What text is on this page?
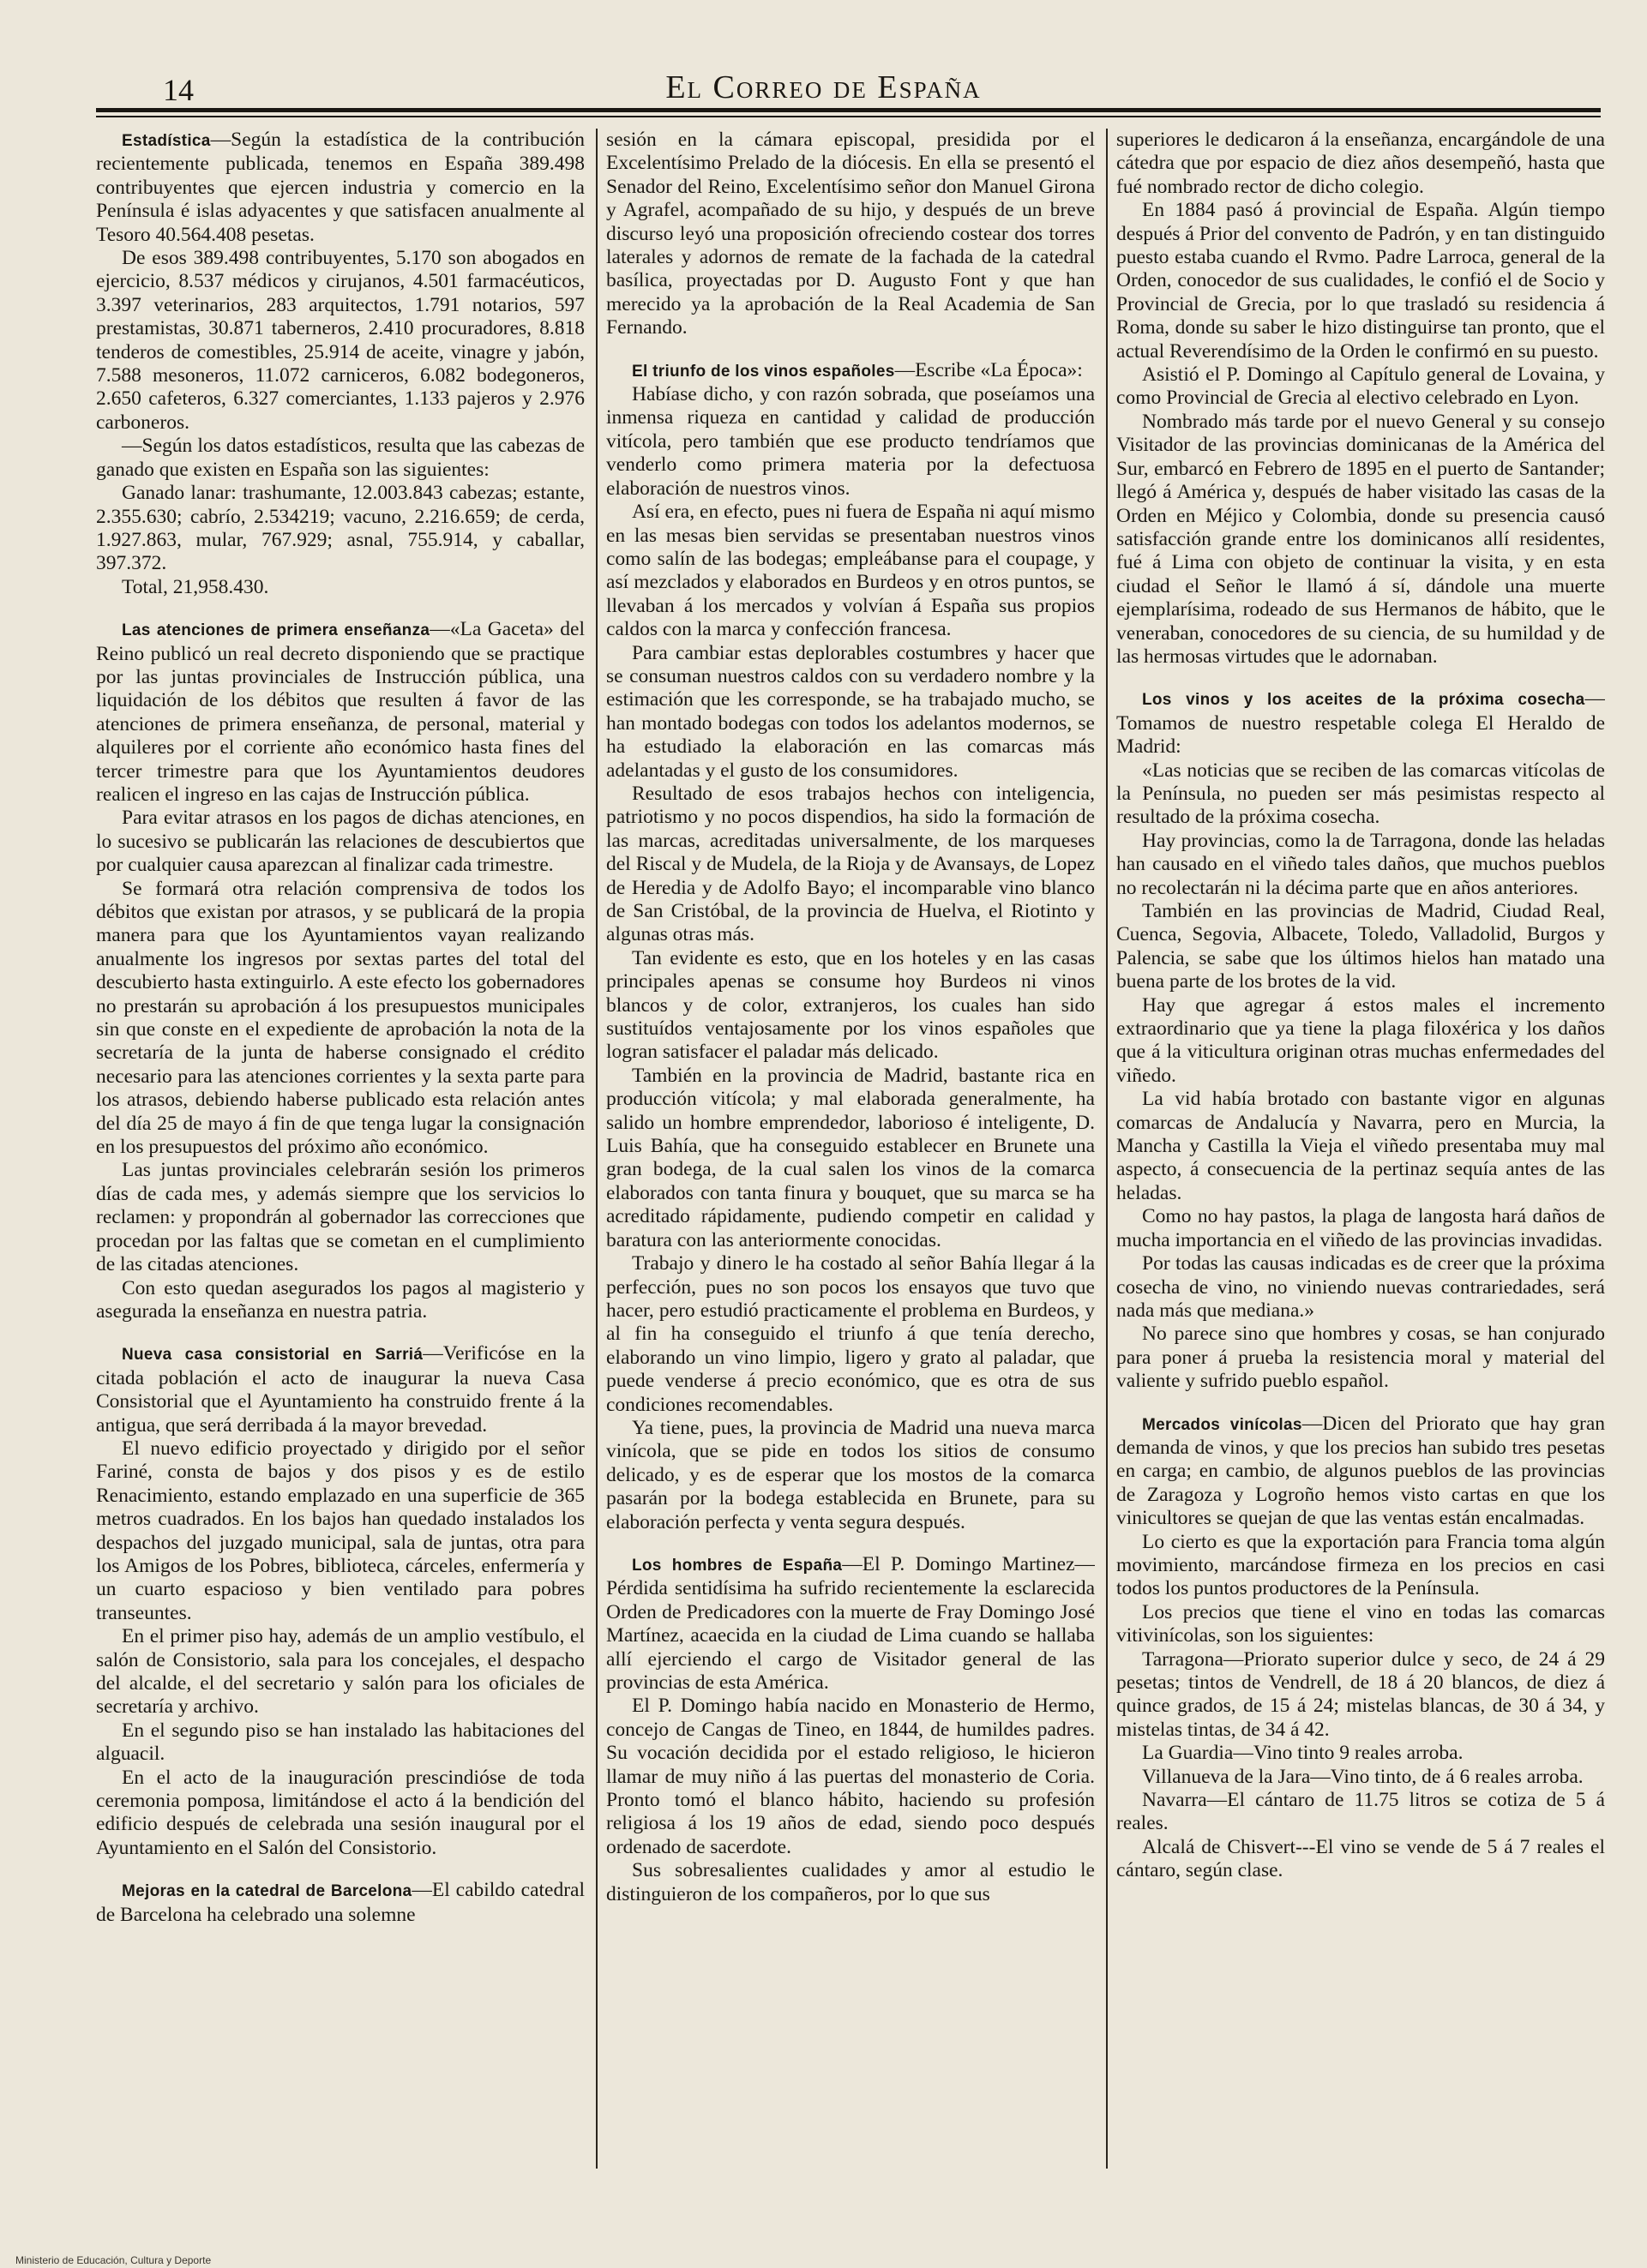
14	El Correo de España

Estadística—Según la estadística de la contribución recientemente publicada, tenemos en España 389.498 contribuyentes que ejercen industria y comercio en la Península é islas adyacentes y que satisfacen anualmente al Tesoro 40.564.408 pesetas.

De esos 389.498 contribuyentes, 5.170 son abogados en ejercicio, 8.537 médicos y cirujanos, 4.501 farmacéuticos, 3.397 veterinarios, 283 arquitectos, 1.791 notarios, 597 prestamistas, 30.871 taberneros, 2.410 procuradores, 8.818 tenderos de comestibles, 25.914 de aceite, vinagre y jabón, 7.588 mesoneros, 11.072 carniceros, 6.082 bodegoneros, 2.650 cafeteros, 6.327 comerciantes, 1.133 pajeros y 2.976 carboneros.

—Según los datos estadísticos, resulta que las cabezas de ganado que existen en España son las siguientes:

Ganado lanar: trashumante, 12.003.843 cabezas; estante, 2.355.630; cabrío, 2.534219; vacuno, 2.216.659; de cerda, 1.927.863, mular, 767.929; asnal, 755.914, y caballar, 397.372.

Total, 21,958.430.

Las atenciones de primera enseñanza—«La Gaceta» del Reino publicó un real decreto disponiendo que se practique por las juntas provinciales de Instrucción pública, una liquidación de los débitos que resulten á favor de las atenciones de primera enseñanza, de personal, material y alquileres por el corriente año económico hasta fines del tercer trimestre para que los Ayuntamientos deudores realicen el ingreso en las cajas de Instrucción pública.

Para evitar atrasos en los pagos de dichas atenciones, en lo sucesivo se publicarán las relaciones de descubiertos que por cualquier causa aparezcan al finalizar cada trimestre.

Se formará otra relación comprensiva de todos los débitos que existan por atrasos, y se publicará de la propia manera para que los Ayuntamientos vayan realizando anualmente los ingresos por sextas partes del total del descubierto hasta extinguirlo. A este efecto los gobernadores no prestarán su aprobación á los presupuestos municipales sin que conste en el expediente de aprobación la nota de la secretaría de la junta de haberse consignado el crédito necesario para las atenciones corrientes y la sexta parte para los atrasos, debiendo haberse publicado esta relación antes del día 25 de mayo á fin de que tenga lugar la consignación en los presupuestos del próximo año económico.

Las juntas provinciales celebrarán sesión los primeros días de cada mes, y además siempre que los servicios lo reclamen: y propondrán al gobernador las correcciones que procedan por las faltas que se cometan en el cumplimiento de las citadas atenciones.

Con esto quedan asegurados los pagos al magisterio y asegurada la enseñanza en nuestra patria.

Nueva casa consistorial en Sarriá—Verificóse en la citada población el acto de inaugurar la nueva Casa Consistorial que el Ayuntamiento ha construido frente á la antigua, que será derribada á la mayor brevedad.

El nuevo edificio proyectado y dirigido por el señor Fariné, consta de bajos y dos pisos y es de estilo Renacimiento, estando emplazado en una superficie de 365 metros cuadrados. En los bajos han quedado instalados los despachos del juzgado municipal, sala de juntas, otra para los Amigos de los Pobres, biblioteca, cárceles, enfermería y un cuarto espacioso y bien ventilado para pobres transeuntes.

En el primer piso hay, además de un amplio vestíbulo, el salón de Consistorio, sala para los concejales, el despacho del alcalde, el del secretario y salón para los oficiales de secretaría y archivo.

En el segundo piso se han instalado las habitaciones del alguacil.

En el acto de la inauguración prescindióse de toda ceremonia pomposa, limitándose el acto á la bendición del edificio después de celebrada una sesión inaugural por el Ayuntamiento en el Salón del Consistorio.

Mejoras en la catedral de Barcelona—El cabildo catedral de Barcelona ha celebrado una solemne

sesión en la cámara episcopal, presidida por el Excelentísimo Prelado de la diócesis. En ella se presentó el Senador del Reino, Excelentísimo señor don Manuel Girona y Agrafel, acompañado de su hijo, y después de un breve discurso leyó una proposición ofreciendo costear dos torres laterales y adornos de remate de la fachada de la catedral basílica, proyectadas por D. Augusto Font y que han merecido ya la aprobación de la Real Academia de San Fernando.

El triunfo de los vinos españoles—Escribe «La Época»:

Habíase dicho, y con razón sobrada, que poseíamos una inmensa riqueza en cantidad y calidad de producción vitícola, pero también que ese producto tendríamos que venderlo como primera materia por la defectuosa elaboración de nuestros vinos.

Así era, en efecto, pues ni fuera de España ni aquí mismo en las mesas bien servidas se presentaban nuestros vinos como salín de las bodegas; empleábanse para el coupage, y así mezclados y elaborados en Burdeos y en otros puntos, se llevaban á los mercados y volvían á España sus propios caldos con la marca y confección francesa.

Para cambiar estas deplorables costumbres y hacer que se consuman nuestros caldos con su verdadero nombre y la estimación que les corresponde, se ha trabajado mucho, se han montado bodegas con todos los adelantos modernos, se ha estudiado la elaboración en las comarcas más adelantadas y el gusto de los consumidores.

Resultado de esos trabajos hechos con inteligencia, patriotismo y no pocos dispendios, ha sido la formación de las marcas, acreditadas universalmente, de los marqueses del Riscal y de Mudela, de la Rioja y de Avansays, de Lopez de Heredia y de Adolfo Bayo; el incomparable vino blanco de San Cristóbal, de la provincia de Huelva, el Riotinto y algunas otras más.

Tan evidente es esto, que en los hoteles y en las casas principales apenas se consume hoy Burdeos ni vinos blancos y de color, extranjeros, los cuales han sido sustituídos ventajosamente por los vinos españoles que logran satisfacer el paladar más delicado.

También en la provincia de Madrid, bastante rica en producción vitícola; y mal elaborada generalmente, ha salido un hombre emprendedor, laborioso é inteligente, D. Luis Bahía, que ha conseguido establecer en Brunete una gran bodega, de la cual salen los vinos de la comarca elaborados con tanta finura y bouquet, que su marca se ha acreditado rápidamente, pudiendo competir en calidad y baratura con las anteriormente conocidas.

Trabajo y dinero le ha costado al señor Bahía llegar á la perfección, pues no son pocos los ensayos que tuvo que hacer, pero estudió practicamente el problema en Burdeos, y al fin ha conseguido el triunfo á que tenía derecho, elaborando un vino limpio, ligero y grato al paladar, que puede venderse á precio económico, que es otra de sus condiciones recomendables.

Ya tiene, pues, la provincia de Madrid una nueva marca vinícola, que se pide en todos los sitios de consumo delicado, y es de esperar que los mostos de la comarca pasarán por la bodega establecida en Brunete, para su elaboración perfecta y venta segura después.

Los hombres de España—El P. Domingo Martinez—Pérdida sentidísima ha sufrido recientemente la esclarecida Orden de Predicadores con la muerte de Fray Domingo José Martínez, acaecida en la ciudad de Lima cuando se hallaba allí ejerciendo el cargo de Visitador general de las provincias de esta América.

El P. Domingo había nacido en Monasterio de Hermo, concejo de Cangas de Tineo, en 1844, de humildes padres. Su vocación decidida por el estado religioso, le hicieron llamar de muy niño á las puertas del monasterio de Coria. Pronto tomó el blanco hábito, haciendo su profesión religiosa á los 19 años de edad, siendo poco después ordenado de sacerdote.

Sus sobresalientes cualidades y amor al estudio le distinguieron de los compañeros, por lo que sus

superiores le dedicaron á la enseñanza, encargándole de una cátedra que por espacio de diez años desempeñó, hasta que fué nombrado rector de dicho colegio.

En 1884 pasó á provincial de España. Algún tiempo después á Prior del convento de Padrón, y en tan distinguido puesto estaba cuando el Rvmo. Padre Larroca, general de la Orden, conocedor de sus cualidades, le confió el de Socio y Provincial de Grecia, por lo que trasladó su residencia á Roma, donde su saber le hizo distinguirse tan pronto, que el actual Reverendísimo de la Orden le confirmó en su puesto.

Asistió el P. Domingo al Capítulo general de Lovaina, y como Provincial de Grecia al electivo celebrado en Lyon.

Nombrado más tarde por el nuevo General y su consejo Visitador de las provincias dominicanas de la América del Sur, embarcó en Febrero de 1895 en el puerto de Santander; llegó á América y, después de haber visitado las casas de la Orden en Méjico y Colombia, donde su presencia causó satisfacción grande entre los dominicanos allí residentes, fué á Lima con objeto de continuar la visita, y en esta ciudad el Señor le llamó á sí, dándole una muerte ejemplarísima, rodeado de sus Hermanos de hábito, que le veneraban, conocedores de su ciencia, de su humildad y de las hermosas virtudes que le adornaban.

Los vinos y los aceites de la próxima cosecha—Tomamos de nuestro respetable colega El Heraldo de Madrid:

«Las noticias que se reciben de las comarcas vitícolas de la Península, no pueden ser más pesimistas respecto al resultado de la próxima cosecha.

Hay provincias, como la de Tarragona, donde las heladas han causado en el viñedo tales daños, que muchos pueblos no recolectarán ni la décima parte que en años anteriores.

También en las provincias de Madrid, Ciudad Real, Cuenca, Segovia, Albacete, Toledo, Valladolid, Burgos y Palencia, se sabe que los últimos hielos han matado una buena parte de los brotes de la vid.

Hay que agregar á estos males el incremento extraordinario que ya tiene la plaga filoxérica y los daños que á la viticultura originan otras muchas enfermedades del viñedo.

La vid había brotado con bastante vigor en algunas comarcas de Andalucía y Navarra, pero en Murcia, la Mancha y Castilla la Vieja el viñedo presentaba muy mal aspecto, á consecuencia de la pertinaz sequía antes de las heladas.

Como no hay pastos, la plaga de langosta hará daños de mucha importancia en el viñedo de las provincias invadidas.

Por todas las causas indicadas es de creer que la próxima cosecha de vino, no viniendo nuevas contrariedades, será nada más que mediana.»

No parece sino que hombres y cosas, se han conjurado para poner á prueba la resistencia moral y material del valiente y sufrido pueblo español.

Mercados vinícolas—Dicen del Priorato que hay gran demanda de vinos, y que los precios han subido tres pesetas en carga; en cambio, de algunos pueblos de las provincias de Zaragoza y Logroño hemos visto cartas en que los vinicultores se quejan de que las ventas están encalmadas.

Lo cierto es que la exportación para Francia toma algún movimiento, marcándose firmeza en los precios en casi todos los puntos productores de la Península.

Los precios que tiene el vino en todas las comarcas vitivinícolas, son los siguientes:

Tarragona—Priorato superior dulce y seco, de 24 á 29 pesetas; tintos de Vendrell, de 18 á 20 blancos, de diez á quince grados, de 15 á 24; mistelas blancas, de 30 á 34, y mistelas tintas, de 34 á 42.

La Guardia—Vino tinto 9 reales arroba.

Villanueva de la Jara—Vino tinto, de á 6 reales arroba.

Navarra—El cántaro de 11.75 litros se cotiza de 5 á reales.

Alcalá de Chisvert---El vino se vende de 5 á 7 reales el cántaro, según clase.

Ministerio de Educación, Cultura y Deporte
